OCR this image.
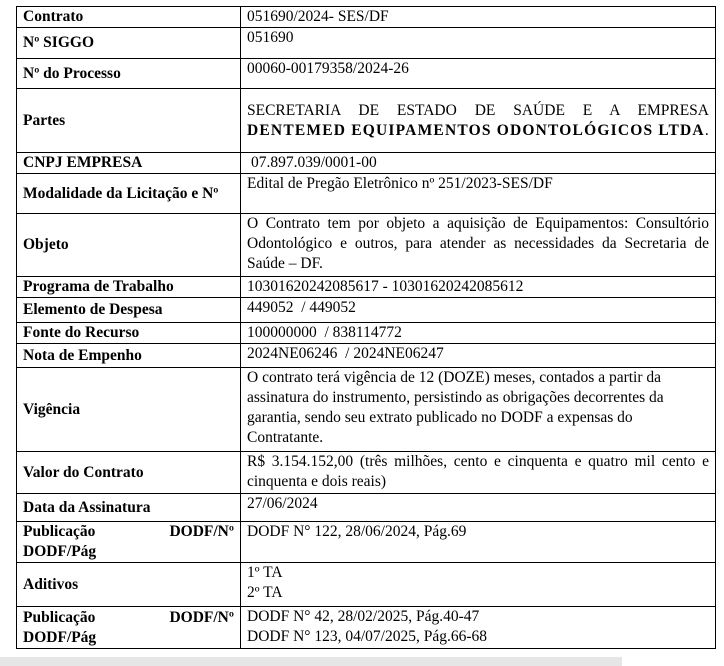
Contrato	051690/2024- SES/DF
Nº SIGGO	051690
Nº do Processo	00060-00179358/2024-26
Partes	SECRETARIA DE ESTADO DE SAÚDE E A EMPRESA DENTEMED EQUIPAMENTOS ODONTOLÓGICOS LTDA.
CNPJ EMPRESA	07.897.039/0001-00
Modalidade da Licitação e Nº	Edital de Pregão Eletrônico nº 251/2023-SES/DF
Objeto	O Contrato tem por objeto a aquisição de Equipamentos: Consultório Odontológico e outros, para atender as necessidades da Secretaria de Saúde – DF.
Programa de Trabalho	10301620242085617 - 10301620242085612
Elemento de Despesa	449052  / 449052
Fonte do Recurso	100000000  / 838114772
Nota de Empenho	2024NE06246  / 2024NE06247
Vigência	O contrato terá vigência de 12 (DOZE) meses, contados a partir da assinatura do instrumento, persistindo as obrigações decorrentes da garantia, sendo seu extrato publicado no DODF a expensas do Contratante.
Valor do Contrato	R$ 3.154.152,00 (três milhões, cento e cinquenta e quatro mil cento e cinquenta e dois reais)
Data da Assinatura	27/06/2024

Publicação DODF/Nº
DODF/Pág	DODF N° 122, 28/06/2024, Pág.69
Aditivos	1º TA
2º TA

Publicação DODF/Nº
DODF/Pág	DODF N° 42, 28/02/2025, Pág.40-47
DODF N° 123, 04/07/2025, Pág.66-68
